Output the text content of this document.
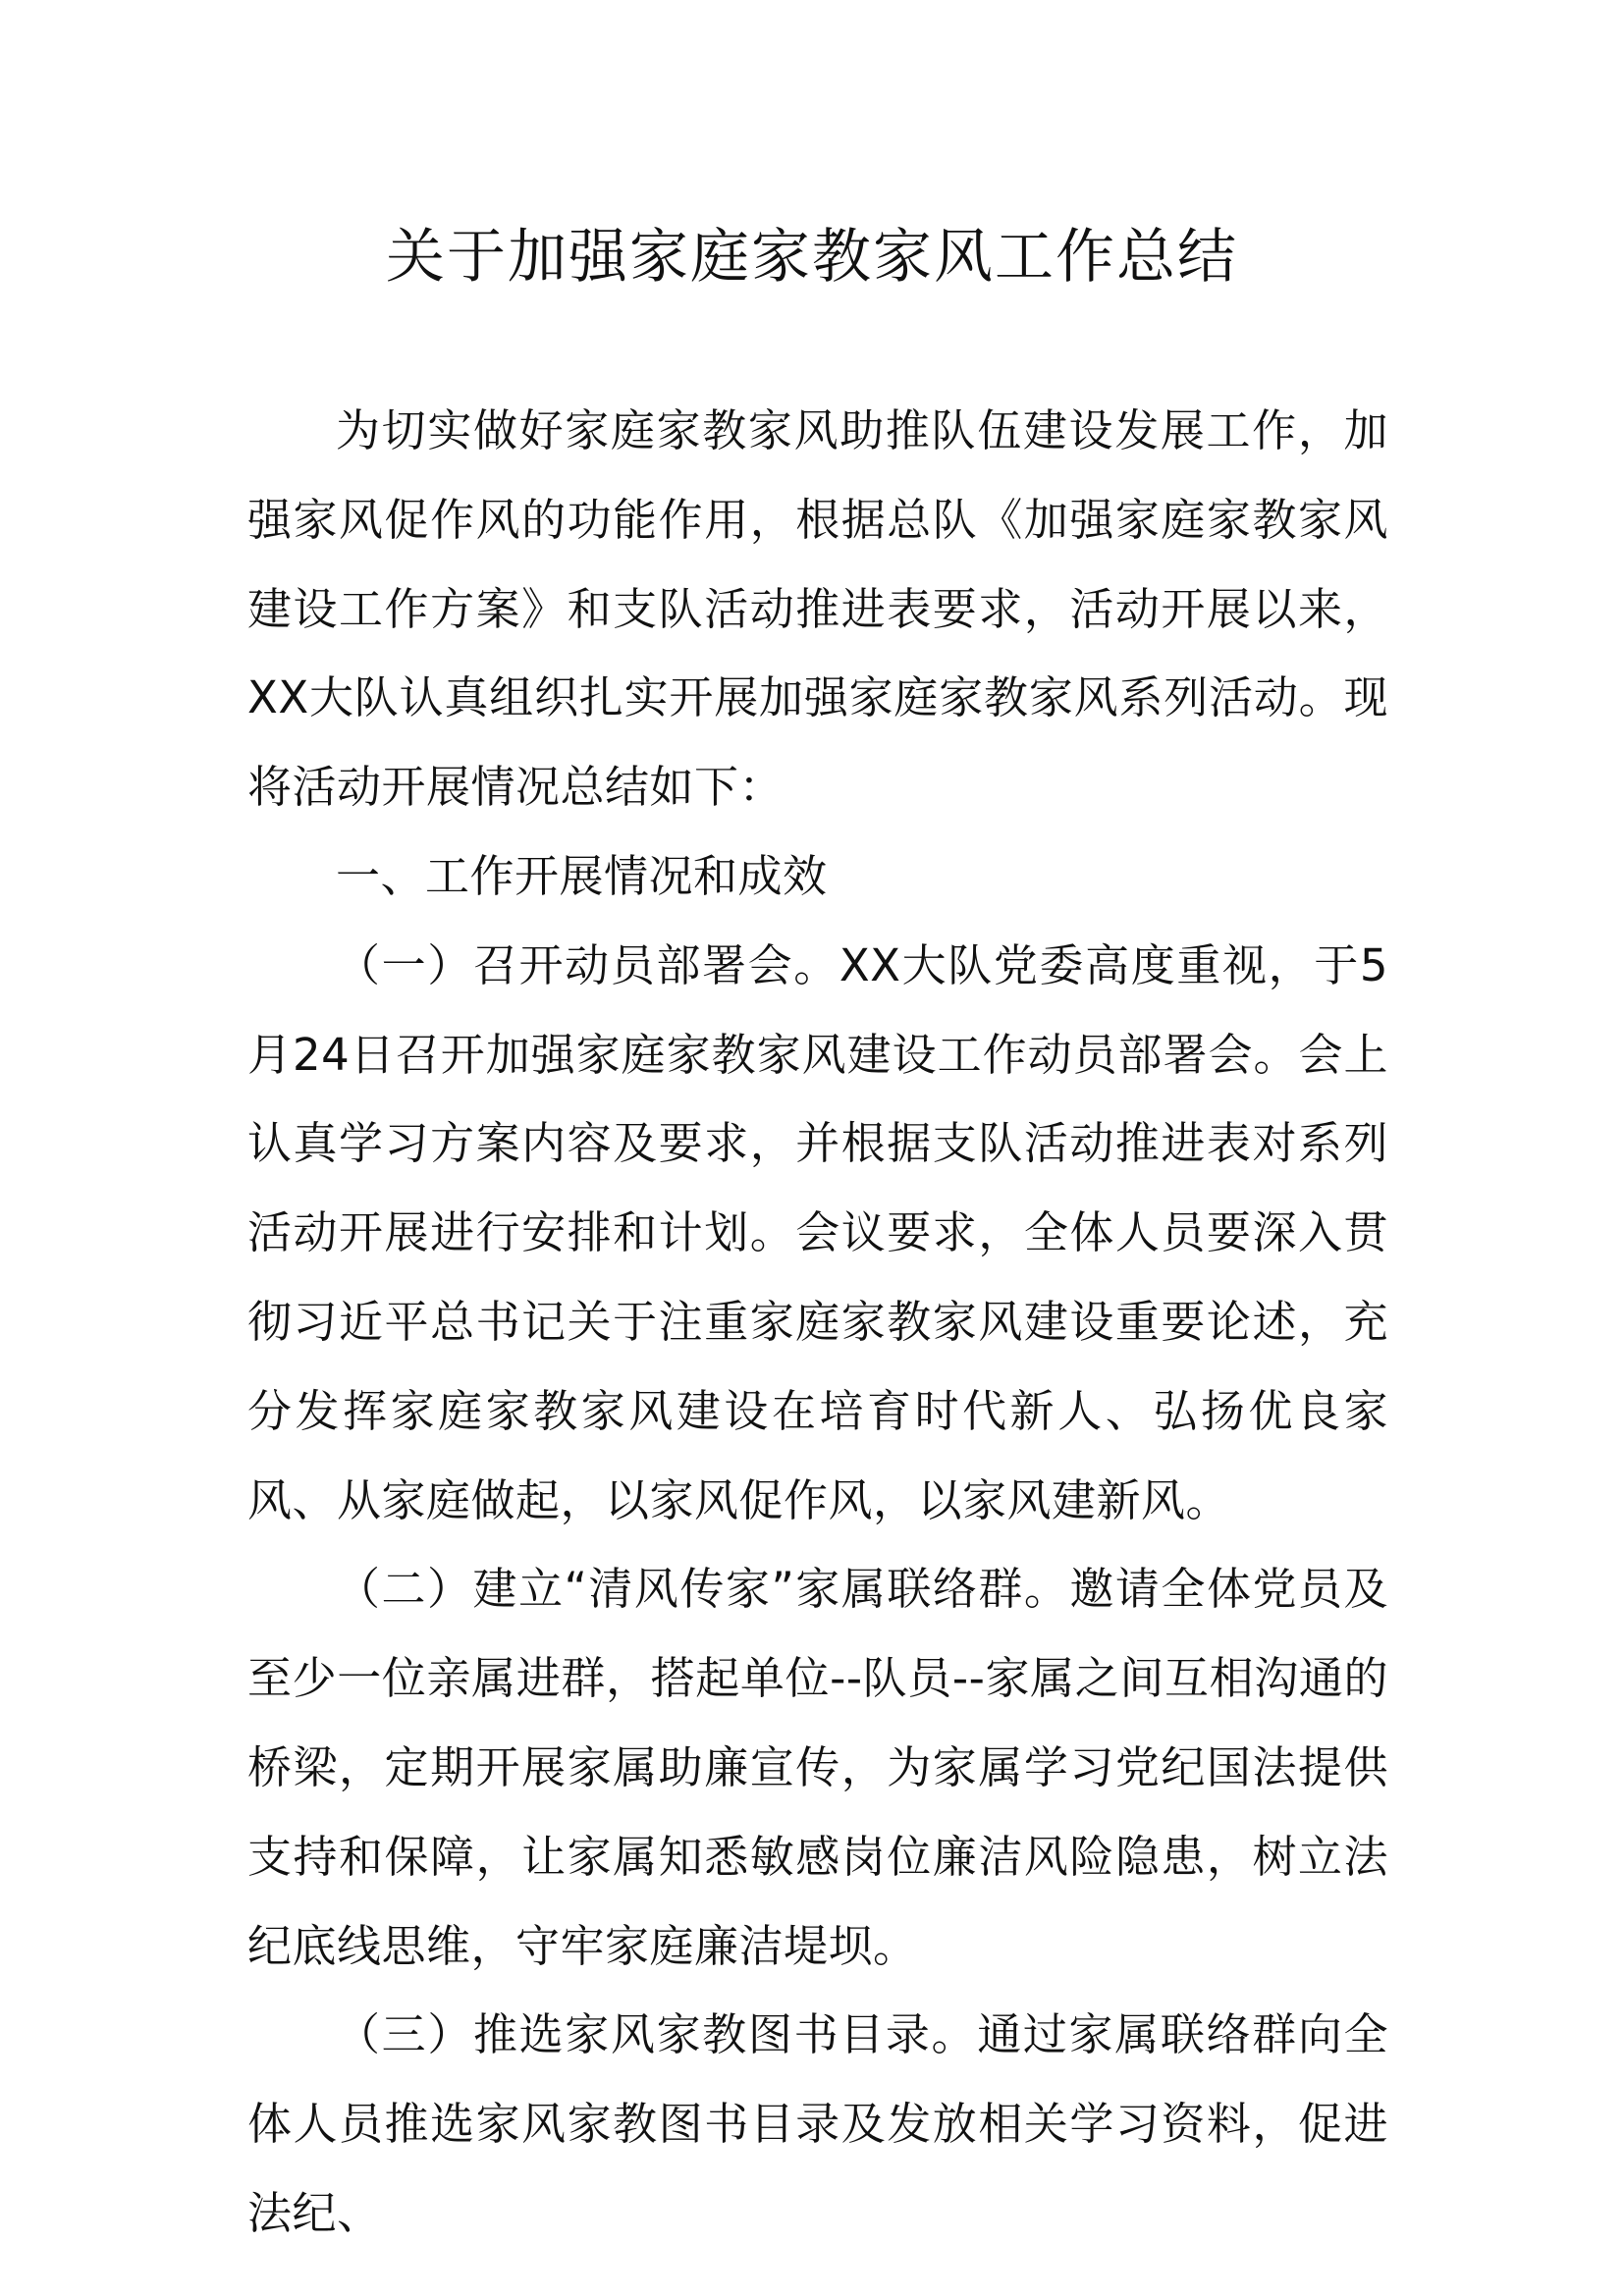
关于加强家庭家教家风工作总结

为切实做好家庭家教家风助推队伍建设发展工作，加强家风促作风的功能作用，根据总队《加强家庭家教家风建设工作方案》和支队活动推进表要求，活动开展以来，XX大队认真组织扎实开展加强家庭家教家风系列活动。现将活动开展情况总结如下：

一、工作开展情况和成效

（一）召开动员部署会。XX大队党委高度重视，于5月24日召开加强家庭家教家风建设工作动员部署会。会上认真学习方案内容及要求，并根据支队活动推进表对系列活动开展进行安排和计划。会议要求，全体人员要深入贯彻习近平总书记关于注重家庭家教家风建设重要论述，充分发挥家庭家教家风建设在培育时代新人、弘扬优良家风、从家庭做起，以家风促作风，以家风建新风。

（二）建立“清风传家”家属联络群。邀请全体党员及至少一位亲属进群，搭起单位--队员--家属之间互相沟通的桥梁，定期开展家属助廉宣传，为家属学习党纪国法提供支持和保障，让家属知悉敏感岗位廉洁风险隐患，树立法纪底线思维，守牢家庭廉洁堤坝。

（三）推选家风家教图书目录。通过家属联络群向全体人员推选家风家教图书目录及发放相关学习资料，促进法纪、
